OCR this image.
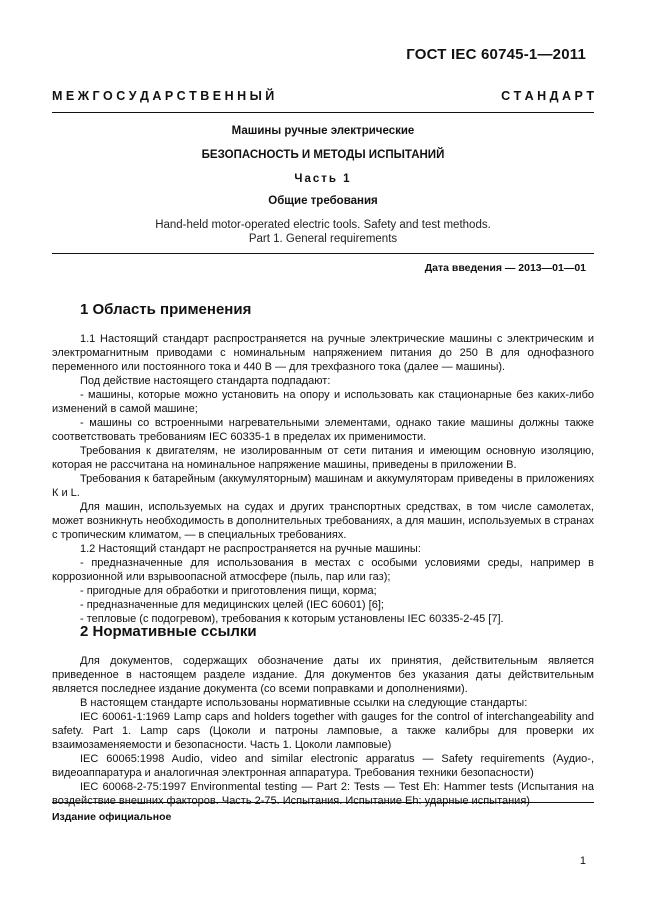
ГОСТ IEC 60745-1—2011
М Е Ж Г О С У Д А Р С Т В Е Н Н Ы Й	С Т А Н Д А Р Т
Машины ручные электрические
БЕЗОПАСНОСТЬ И МЕТОДЫ ИСПЫТАНИЙ
Часть 1
Общие требования
Hand-held motor-operated electric tools. Safety and test methods.
Part 1. General requirements
Дата введения — 2013—01—01
1 Область применения

1.1 Настоящий стандарт распространяется на ручные электрические машины с электрическим и электромагнитным приводами с номинальным напряжением питания до 250 В для однофазного переменного или постоянного тока и 440 В — для трехфазного тока (далее — машины).

Под действие настоящего стандарта подпадают:

- машины, которые можно установить на опору и использовать как стационарные без каких-либо изменений в самой машине;

- машины со встроенными нагревательными элементами, однако такие машины должны также соответствовать требованиям IEC 60335-1 в пределах их применимости.

Требования к двигателям, не изолированным от сети питания и имеющим основную изоляцию, которая не рассчитана на номинальное напряжение машины, приведены в приложении В.

Требования к батарейным (аккумуляторным) машинам и аккумуляторам приведены в приложениях К и L.

Для машин, используемых на судах и других транспортных средствах, в том числе самолетах, может возникнуть необходимость в дополнительных требованиях, а для машин, используемых в странах с тропическим климатом, — в специальных требованиях.

1.2 Настоящий стандарт не распространяется на ручные машины:

- предназначенные для использования в местах с особыми условиями среды, например в коррозионной или взрывоопасной атмосфере (пыль, пар или газ);

- пригодные для обработки и приготовления пищи, корма;

- предназначенные для медицинских целей (IEC 60601) [6];

- тепловые (с подогревом), требования к которым установлены IEC 60335-2-45 [7].

2 Нормативные ссылки

Для документов, содержащих обозначение даты их принятия, действительным является приведенное в настоящем разделе издание. Для документов без указания даты действительным является последнее издание документа (со всеми поправками и дополнениями).

В настоящем стандарте использованы нормативные ссылки на следующие стандарты:

IEC 60061-1:1969 Lamp caps and holders together with gauges for the control of interchangeability and safety. Part 1. Lamp caps (Цоколи и патроны ламповые, а также калибры для проверки их взаимозаменяемости и безопасности. Часть 1. Цоколи ламповые)

IEC 60065:1998 Audio, video and similar electronic apparatus — Safety requirements (Аудио-, видеоаппаратура и аналогичная электронная аппаратура. Требования техники безопасности)

IEC 60068-2-75:1997 Environmental testing — Part 2: Tests — Test Eh: Hammer tests (Испытания на воздействие внешних факторов. Часть 2-75. Испытания. Испытание Eh: ударные испытания)

Издание официальное
1
